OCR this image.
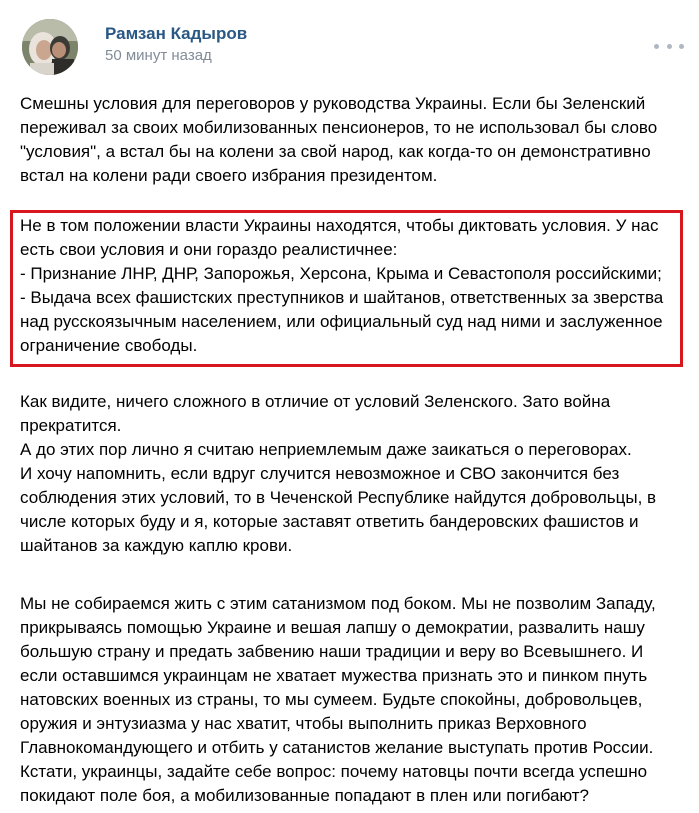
Рамзан Кадыров
50 минут назад
Смешны условия для переговоров у руководства Украины. Если бы Зеленский
переживал за своих мобилизованных пенсионеров, то не использовал бы слово
"условия", а встал бы на колени за свой народ, как когда-то он демонстративно
встал на колени ради своего избрания президентом.
Не в том положении власти Украины находятся, чтобы диктовать условия. У нас
есть свои условия и они гораздо реалистичнее:
- Признание ЛНР, ДНР, Запорожья, Херсона, Крыма и Севастополя российскими;
- Выдача всех фашистских преступников и шайтанов, ответственных за зверства
над русскоязычным населением, или официальный суд над ними и заслуженное
ограничение свободы.
Как видите, ничего сложного в отличие от условий Зеленского. Зато война
прекратится.
А до этих пор лично я считаю неприемлемым даже заикаться о переговорах.
И хочу напомнить, если вдруг случится невозможное и СВО закончится без
соблюдения этих условий, то в Чеченской Республике найдутся добровольцы, в
числе которых буду и я, которые заставят ответить бандеровских фашистов и
шайтанов за каждую каплю крови.
Мы не собираемся жить с этим сатанизмом под боком. Мы не позволим Западу,
прикрываясь помощью Украине и вешая лапшу о демократии, развалить нашу
большую страну и предать забвению наши традиции и веру во Всевышнего. И
если оставшимся украинцам не хватает мужества признать это и пинком пнуть
натовских военных из страны, то мы сумеем. Будьте спокойны, добровольцев,
оружия и энтузиазма у нас хватит, чтобы выполнить приказ Верховного
Главнокомандующего и отбить у сатанистов желание выступать против России.
Кстати, украинцы, задайте себе вопрос: почему натовцы почти всегда успешно
покидают поле боя, а мобилизованные попадают в плен или погибают?
